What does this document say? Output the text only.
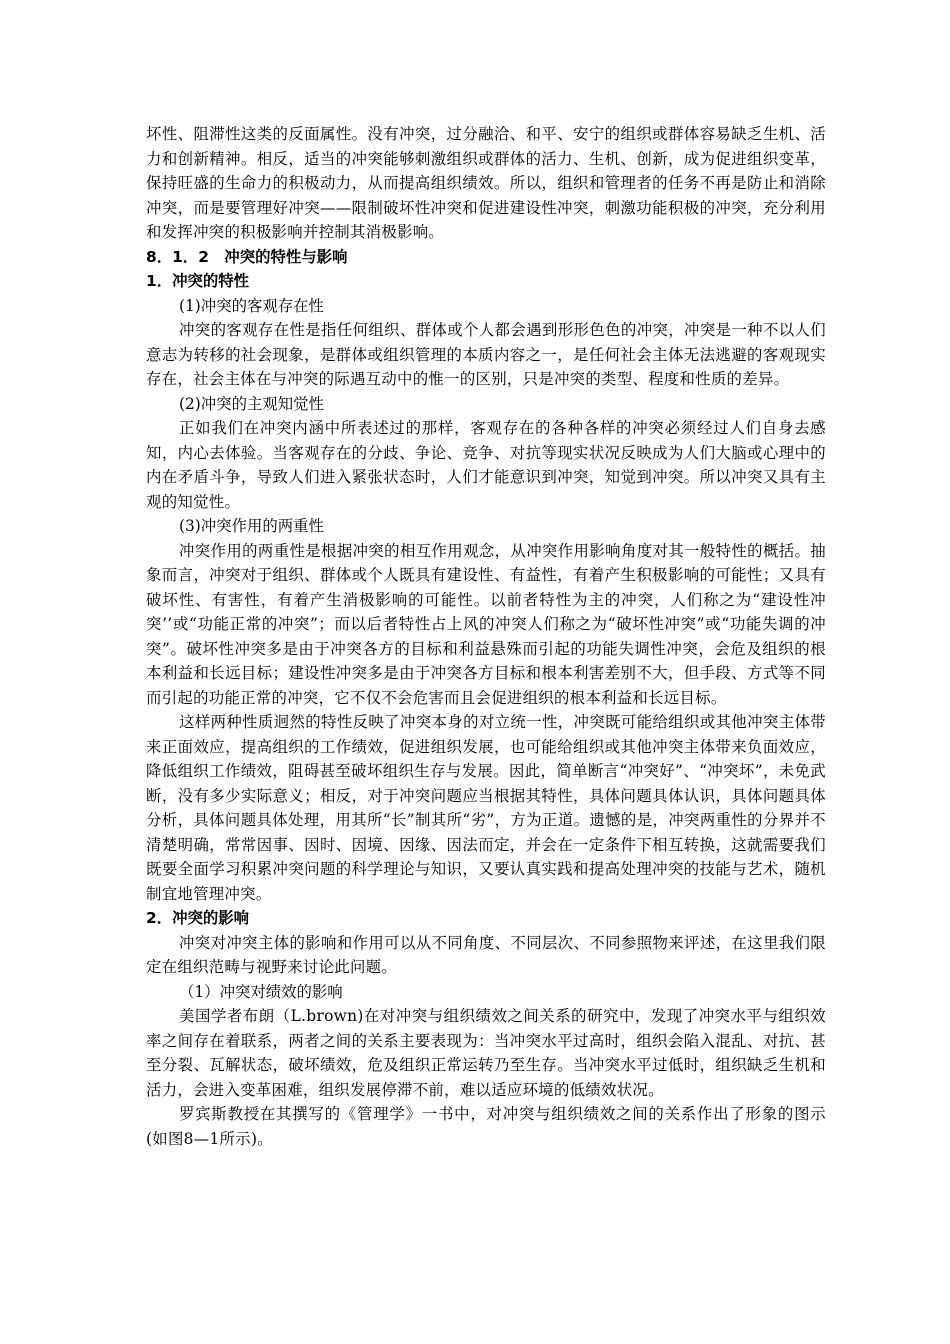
坏性、阻滞性这类的反面属性。没有冲突，过分融洽、和平、安宁的组织或群体容易缺乏生机、活力和创新精神。相反，适当的冲突能够刺激组织或群体的活力、生机、创新，成为促进组织变革，保持旺盛的生命力的积极动力，从而提高组织绩效。所以，组织和管理者的任务不再是防止和消除冲突，而是要管理好冲突——限制破坏性冲突和促进建设性冲突，刺激功能积极的冲突，充分利用和发挥冲突的积极影响并控制其消极影响。

8．1．2　冲突的特性与影响

1．冲突的特性

(1)冲突的客观存在性

冲突的客观存在性是指任何组织、群体或个人都会遇到形形色色的冲突，冲突是一种不以人们意志为转移的社会现象，是群体或组织管理的本质内容之一，是任何社会主体无法逃避的客观现实存在，社会主体在与冲突的际遇互动中的惟一的区别，只是冲突的类型、程度和性质的差异。

(2)冲突的主观知觉性

正如我们在冲突内涵中所表述过的那样，客观存在的各种各样的冲突必须经过人们自身去感知，内心去体验。当客观存在的分歧、争论、竞争、对抗等现实状况反映成为人们大脑或心理中的内在矛盾斗争，导致人们进入紧张状态时，人们才能意识到冲突，知觉到冲突。所以冲突又具有主观的知觉性。

(3)冲突作用的两重性

冲突作用的两重性是根据冲突的相互作用观念，从冲突作用影响角度对其一般特性的概括。抽象而言，冲突对于组织、群体或个人既具有建设性、有益性，有着产生积极影响的可能性；又具有破坏性、有害性，有着产生消极影响的可能性。以前者特性为主的冲突，人们称之为“建设性冲突’’或“功能正常的冲突”；而以后者特性占上风的冲突人们称之为“破坏性冲突”或“功能失调的冲突”。破坏性冲突多是由于冲突各方的目标和利益悬殊而引起的功能失调性冲突，会危及组织的根本利益和长远目标；建设性冲突多是由于冲突各方目标和根本利害差别不大，但手段、方式等不同而引起的功能正常的冲突，它不仅不会危害而且会促进组织的根本利益和长远目标。

这样两种性质迥然的特性反映了冲突本身的对立统一性，冲突既可能给组织或其他冲突主体带来正面效应，提高组织的工作绩效，促进组织发展，也可能给组织或其他冲突主体带来负面效应，降低组织工作绩效，阻碍甚至破坏组织生存与发展。因此，简单断言“冲突好”、“冲突坏”，未免武断，没有多少实际意义；相反，对于冲突问题应当根据其特性，具体问题具体认识，具体问题具体分析，具体问题具体处理，用其所“长”制其所“劣”，方为正道。遗憾的是，冲突两重性的分界并不清楚明确，常常因事、因时、因境、因缘、因法而定，并会在一定条件下相互转换，这就需要我们既要全面学习积累冲突问题的科学理论与知识，又要认真实践和提高处理冲突的技能与艺术，随机制宜地管理冲突。

2．冲突的影响

冲突对冲突主体的影响和作用可以从不同角度、不同层次、不同参照物来评述，在这里我们限定在组织范畴与视野来讨论此问题。

（1）冲突对绩效的影响

美国学者布朗（L.brown)在对冲突与组织绩效之间关系的研究中，发现了冲突水平与组织效率之间存在着联系，两者之间的关系主要表现为：当冲突水平过高时，组织会陷入混乱、对抗、甚至分裂、瓦解状态，破坏绩效，危及组织正常运转乃至生存。当冲突水平过低时，组织缺乏生机和活力，会进入变革困难，组织发展停滞不前，难以适应环境的低绩效状况。

罗宾斯教授在其撰写的《管理学》一书中，对冲突与组织绩效之间的关系作出了形象的图示(如图8—1所示)。
